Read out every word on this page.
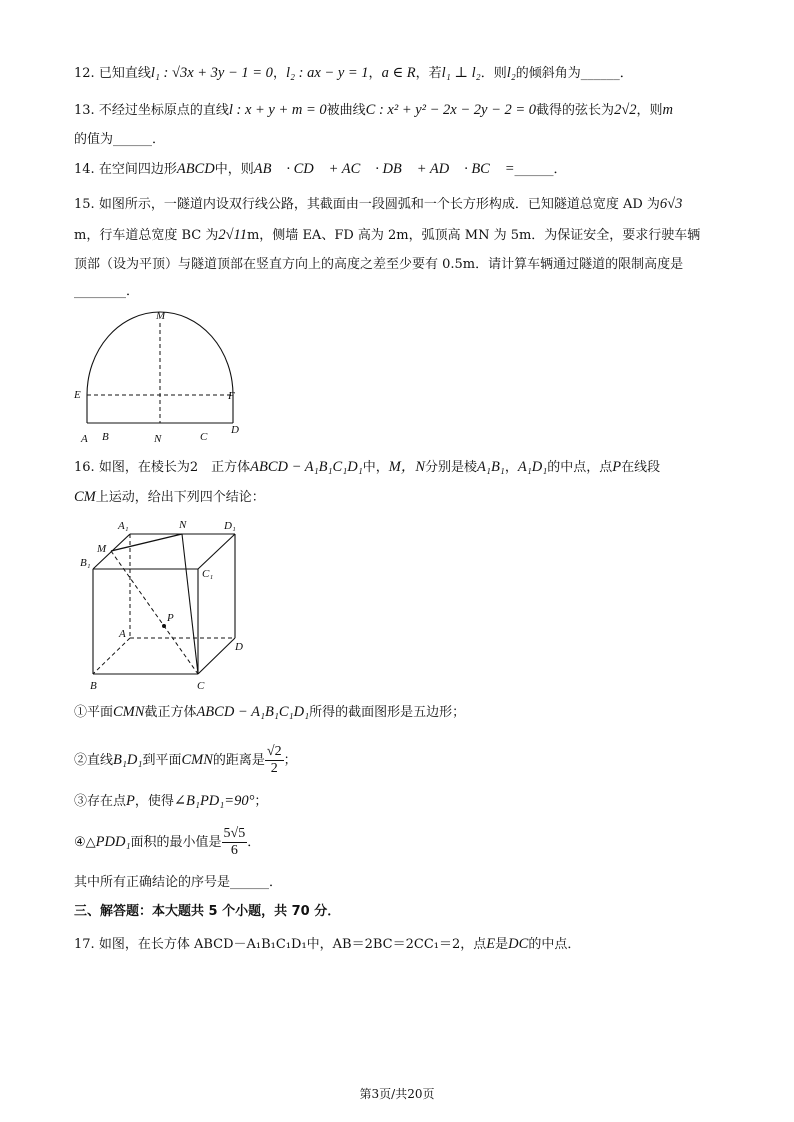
12. 已知直线l₁ : √3x + 3y − 1 = 0，l₂ : ax − y = 1，a ∈ R，若l₁ ⊥ l₂．则l₂的倾斜角为______．
13. 不经过坐标原点的直线l : x + y + m = 0被曲线C : x² + y² − 2x − 2y − 2 = 0截得的弦长为2√2，则m
的值为______．
14. 在空间四边形ABCD中，则AB⃗ · CD⃗ + AC⃗ · DB⃗ + AD⃗ · BC⃗ =______．
15. 如图所示，一隧道内设双行线公路，其截面由一段圆弧和一个长方形构成．已知隧道总宽度 AD 为6√3
m，行车道总宽度 BC 为2√11m，侧墙 EA、FD 高为 2m，弧顶高 MN 为 5m．为保证安全，要求行驶车辆
顶部（设为平顶）与隧道顶部在竖直方向上的高度之差至少要有 0.5m．请计算车辆通过隧道的限制高度是
________．
M
E	F
A B	N	C
D
16. 如图，在棱长为2　正方体ABCD − A₁B₁C₁D₁中，M，N分别是棱A₁B₁，A₁D₁的中点，点P在线段
CM上运动，给出下列四个结论：
A₁	N	D₁
M
B₁
C₁
P
A
D
B	C
①平面CMN截正方体ABCD − A₁B₁C₁D₁所得的截面图形是五边形；
②直线B₁D₁到平面CMN的距离是 $\frac{√2}{2}$ ；
③存在点P，使得∠B₁PD₁=90°；
④△PDD₁面积的最小值是 $\frac{5√5}{6}$ ．
其中所有正确结论的序号是______．
三、解答题：本大题共 5 个小题，共 70 分．
17. 如图，在长方体 ABCD－A₁B₁C₁D₁中，AB＝2BC＝2CC₁＝2，点E是DC的中点．
第3页/共20页
